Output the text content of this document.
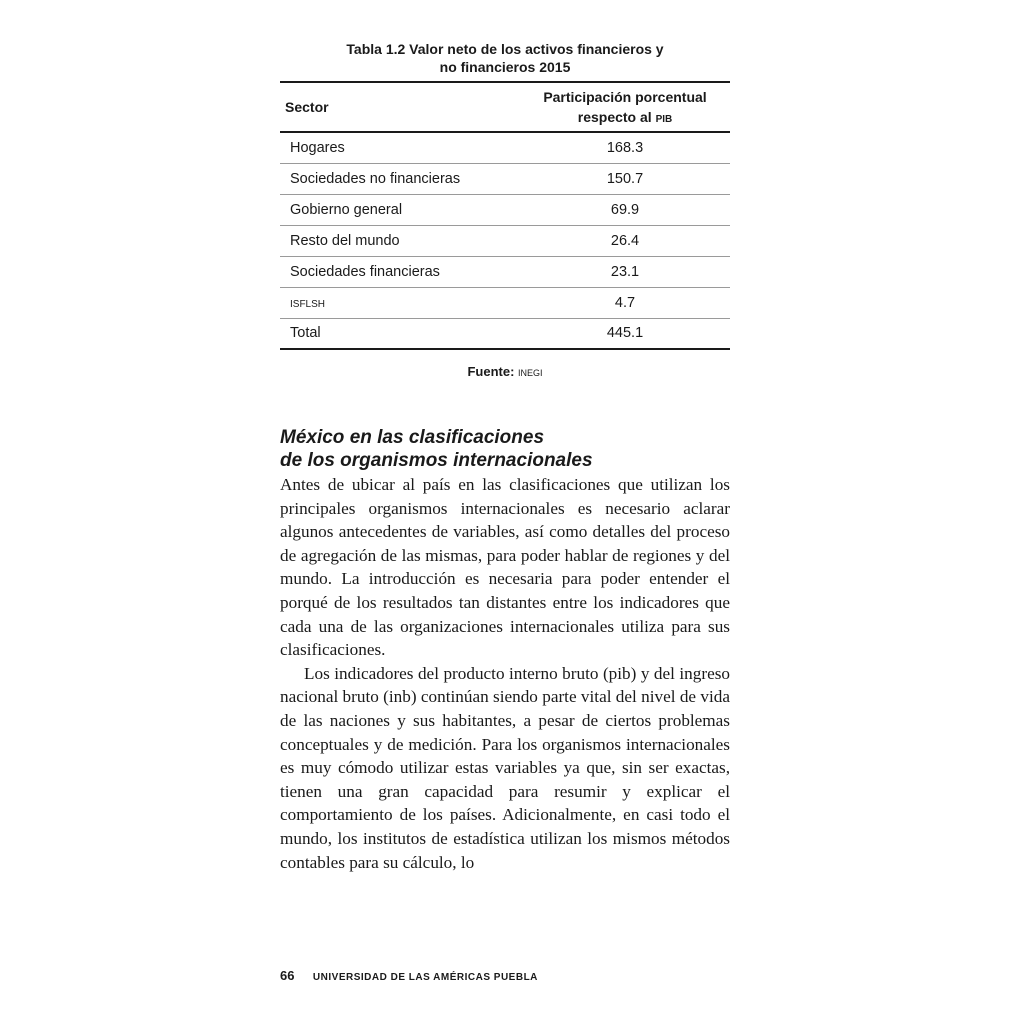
Tabla 1.2 Valor neto de los activos financieros y
no financieros 2015
Sector	Participación porcentual
respecto al pib

Hogares	168.3
Sociedades no financieras	150.7
Gobierno general	69.9
Resto del mundo	26.4
Sociedades financieras	23.1
isflsh	4.7
Total	445.1
Fuente: inegi
México en las clasificaciones
de los organismos internacionales

Antes de ubicar al país en las clasificaciones que utilizan los principales organismos internacionales es necesario aclarar algunos antecedentes de variables, así como detalles del proceso de agregación de las mismas, para poder hablar de regiones y del mundo. La introducción es necesaria para poder entender el porqué de los resultados tan distantes entre los indicadores que cada una de las organizaciones internacionales utiliza para sus clasificaciones.

Los indicadores del producto interno bruto (pib) y del ingreso nacional bruto (inb) continúan siendo parte vital del nivel de vida de las naciones y sus habitantes, a pesar de ciertos problemas conceptuales y de medición. Para los organismos internacionales es muy cómodo utilizar estas variables ya que, sin ser exactas, tienen una gran capacidad para resumir y explicar el comportamiento de los países. Adicionalmente, en casi todo el mundo, los institutos de estadística utilizan los mismos métodos contables para su cálculo, lo

66 UNIVERSIDAD DE LAS AMÉRICAS PUEBLA
